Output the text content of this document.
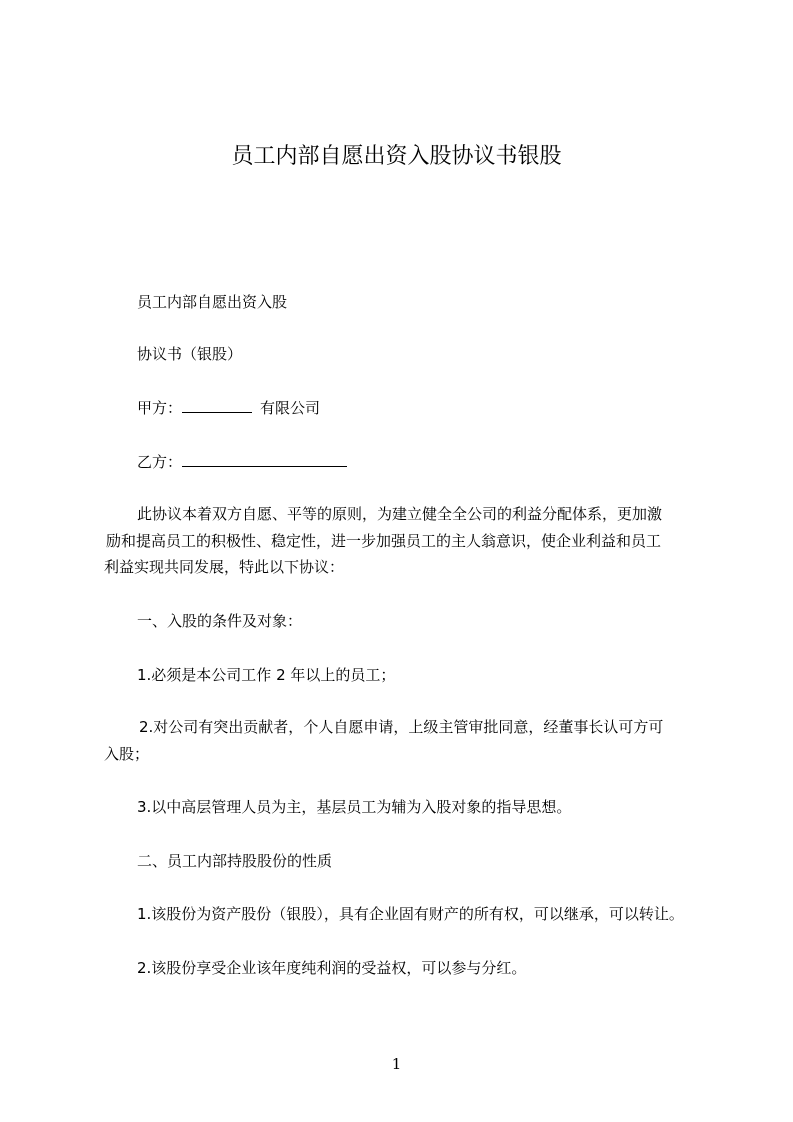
员工内部自愿出资入股协议书银股

员工内部自愿出资入股

协议书（银股）

甲方：	有限公司

乙方：

此协议本着双方自愿、平等的原则，为建立健全全公司的利益分配体系，更加激

励和提高员工的积极性、稳定性，进一步加强员工的主人翁意识，使企业利益和员工

利益实现共同发展，特此以下协议：

一、入股的条件及对象：

1.必须是本公司工作 2 年以上的员工；

2.对公司有突出贡献者，个人自愿申请，上级主管审批同意，经董事长认可方可

入股；

3.以中高层管理人员为主，基层员工为辅为入股对象的指导思想。

二、员工内部持股股份的性质

1.该股份为资产股份（银股），具有企业固有财产的所有权，可以继承，可以转让。

2.该股份享受企业该年度纯利润的受益权，可以参与分红。

1
